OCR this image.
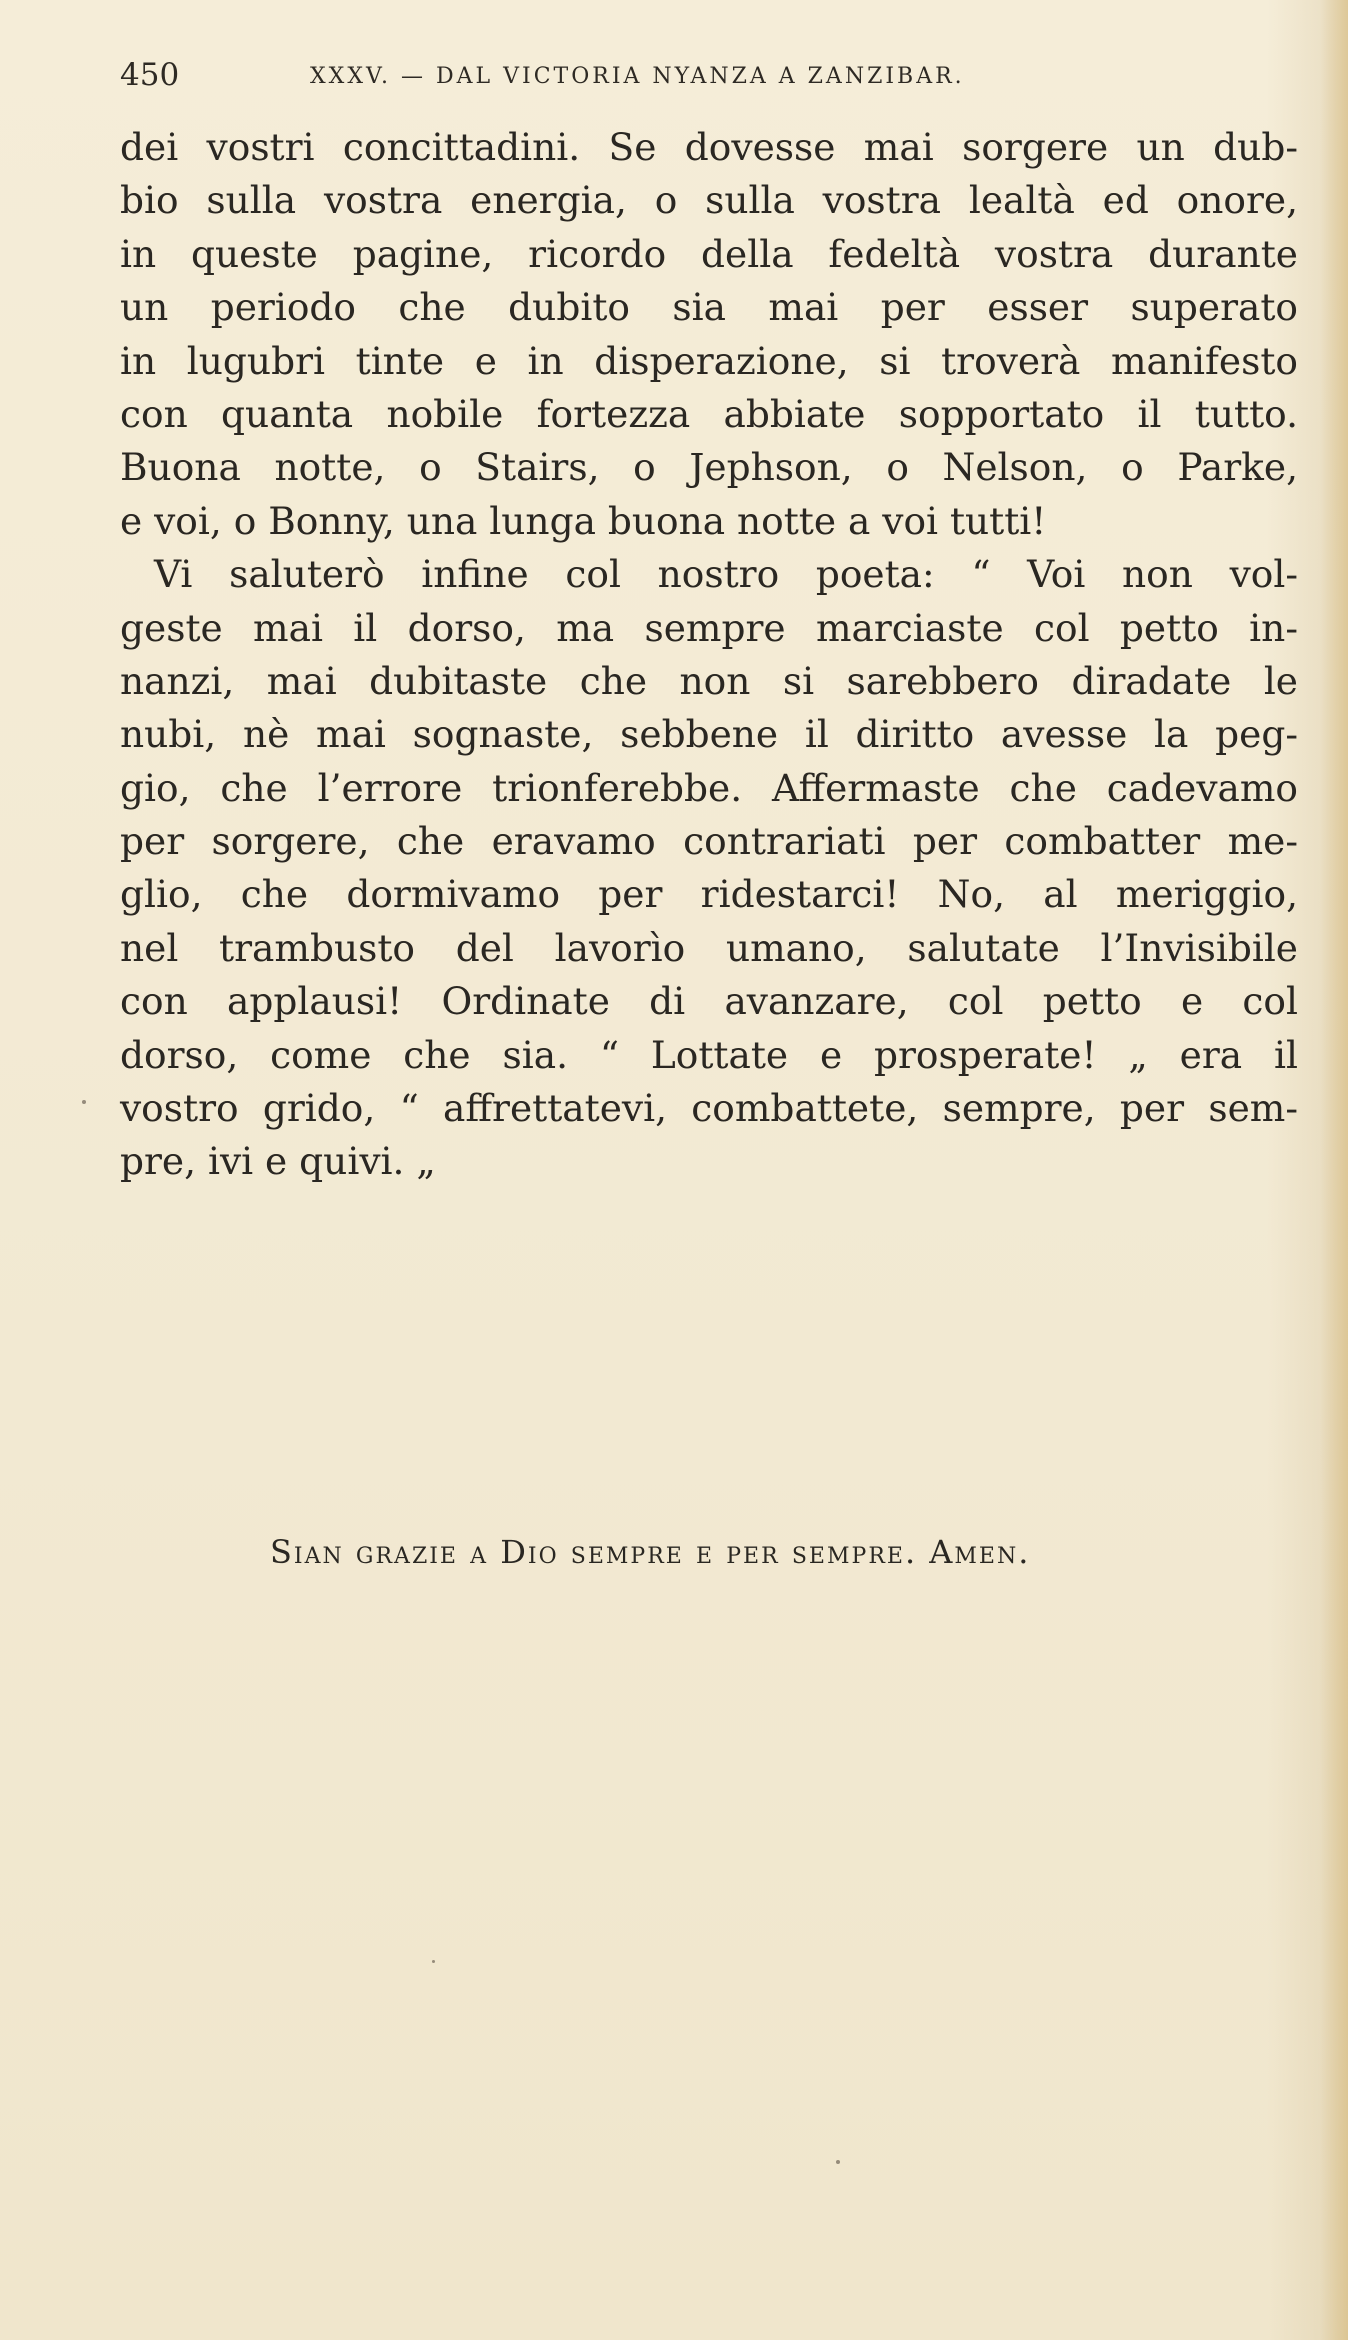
450	XXXV. — DAL VICTORIA NYANZA A ZANZIBAR.
dei vostri concittadini. Se dovesse mai sorgere un dub-
bio sulla vostra energia, o sulla vostra lealtà ed onore,
in queste pagine, ricordo della fedeltà vostra durante
un periodo che dubito sia mai per esser superato
in lugubri tinte e in disperazione, si troverà manifesto
con quanta nobile fortezza abbiate sopportato il tutto.
Buona notte, o Stairs, o Jephson, o Nelson, o Parke,
e voi, o Bonny, una lunga buona notte a voi tutti!
Vi saluterò infine col nostro poeta: “ Voi non vol-
geste mai il dorso, ma sempre marciaste col petto in-
nanzi, mai dubitaste che non si sarebbero diradate le
nubi, nè mai sognaste, sebbene il diritto avesse la peg-
gio, che l’errore trionferebbe. Affermaste che cadevamo
per sorgere, che eravamo contrariati per combatter me-
glio, che dormivamo per ridestarci! No, al meriggio,
nel trambusto del lavorìo umano, salutate l’Invisibile
con applausi! Ordinate di avanzare, col petto e col
dorso, come che sia. “ Lottate e prosperate! „ era il
vostro grido, “ affrettatevi, combattete, sempre, per sem-
pre, ivi e quivi. „
Sian grazie a Dio sempre e per sempre. Amen.
